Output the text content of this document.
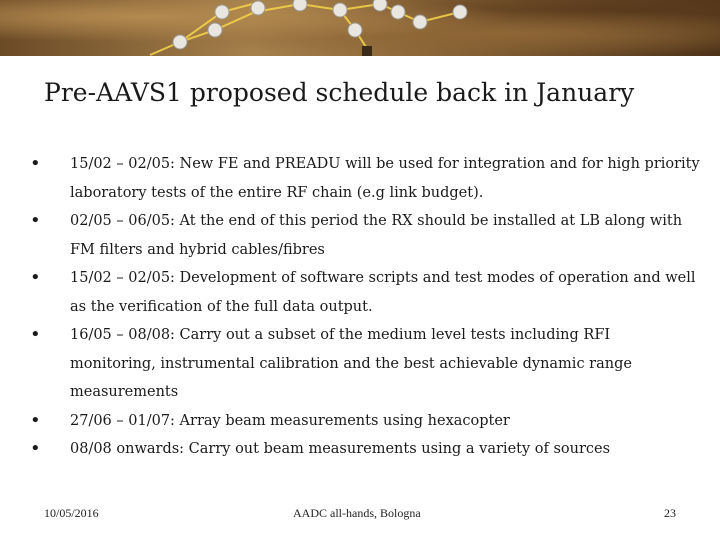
Pre-AAVS1 proposed schedule back in January
• 15/02 – 02/05: New FE and PREADU will be used for integration and for high priority laboratory tests of the entire RF chain (e.g link budget).
• 02/05 – 06/05: At the end of this period the RX should be installed at LB along with FM filters and hybrid cables/fibres
• 15/02 – 02/05: Development of software scripts and test modes of operation and well as the verification of the full data output.
• 16/05 – 08/08: Carry out a subset of the medium level tests including RFI monitoring, instrumental calibration and the best achievable dynamic range measurements
• 27/06 – 01/07: Array beam measurements using hexacopter
• 08/08 onwards: Carry out beam measurements using a variety of sources
10/05/2016	AADC all-hands, Bologna	23
